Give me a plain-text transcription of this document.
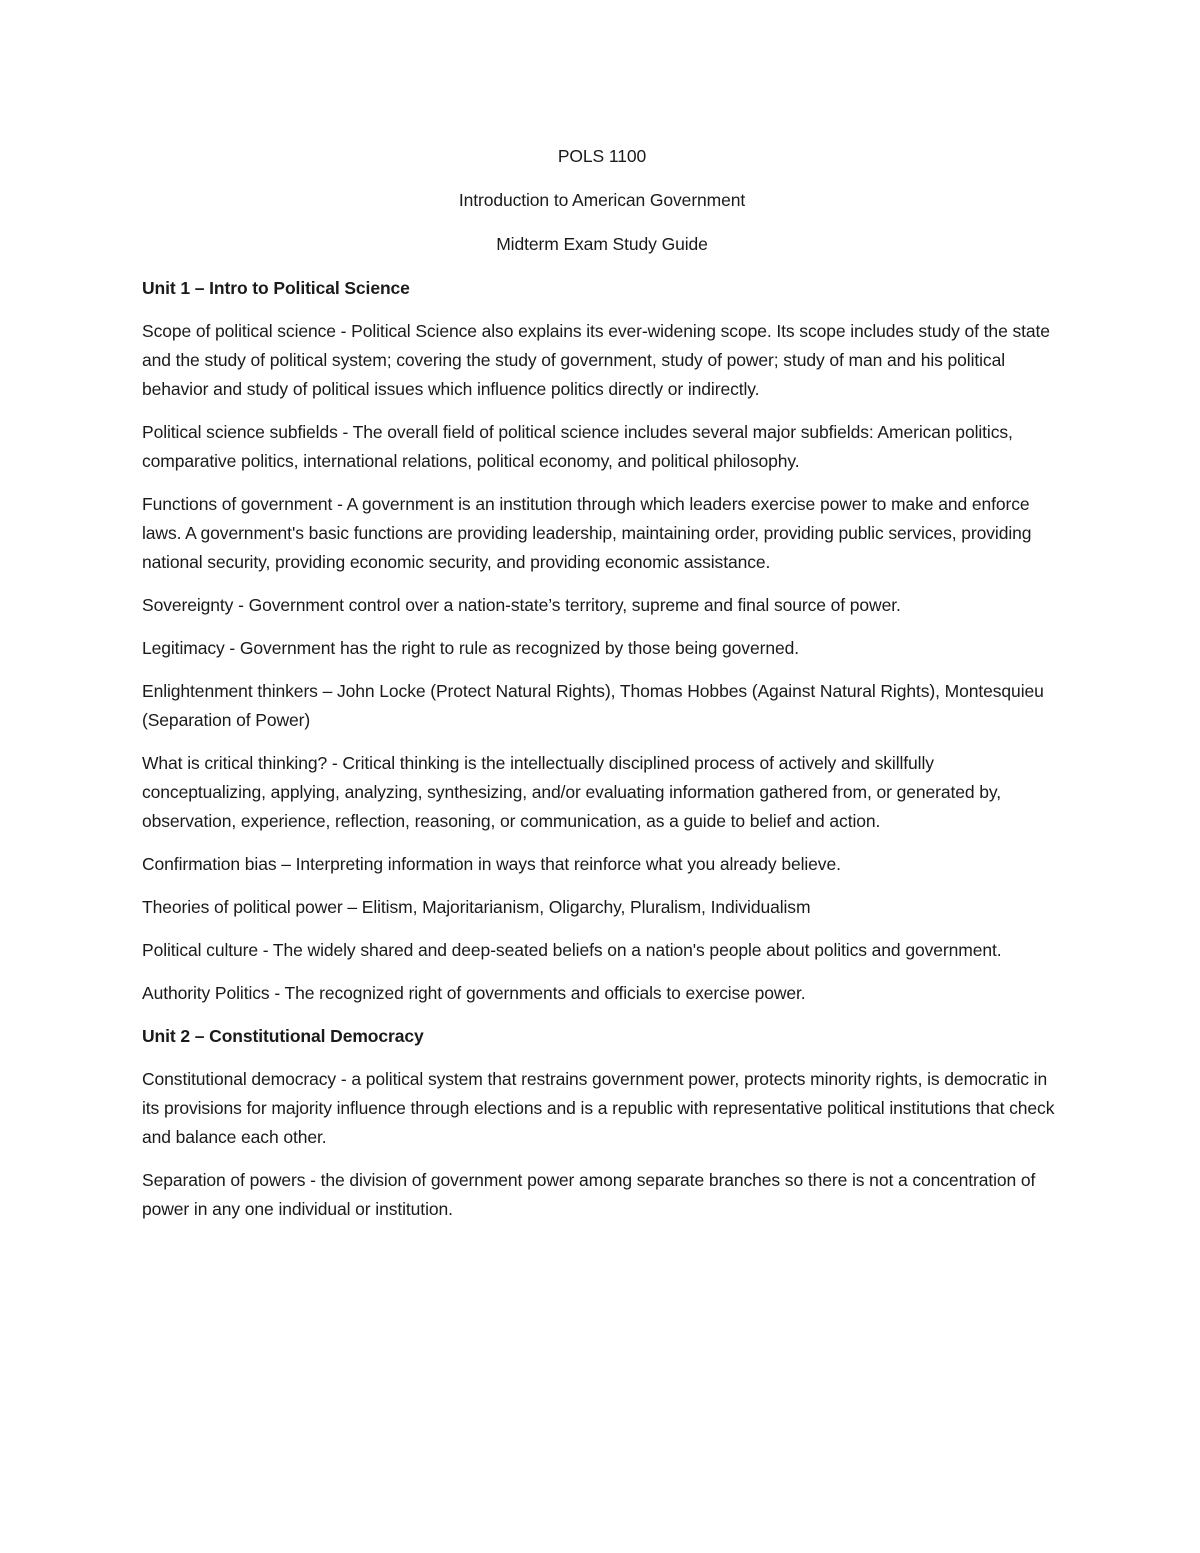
POLS 1100

Introduction to American Government

Midterm Exam Study Guide

Unit 1 – Intro to Political Science

Scope of political science - Political Science also explains its ever-widening scope. Its scope includes study of the state and the study of political system; covering the study of government, study of power; study of man and his political behavior and study of political issues which influence politics directly or indirectly.

Political science subfields - The overall field of political science includes several major subfields: American politics, comparative politics, international relations, political economy, and political philosophy.

Functions of government - A government is an institution through which leaders exercise power to make and enforce laws. A government's basic functions are providing leadership, maintaining order, providing public services, providing national security, providing economic security, and providing economic assistance.

Sovereignty - Government control over a nation-state’s territory, supreme and final source of power.

Legitimacy - Government has the right to rule as recognized by those being governed.

Enlightenment thinkers – John Locke (Protect Natural Rights), Thomas Hobbes (Against Natural Rights), Montesquieu (Separation of Power)

What is critical thinking? - Critical thinking is the intellectually disciplined process of actively and skillfully conceptualizing, applying, analyzing, synthesizing, and/or evaluating information gathered from, or generated by, observation, experience, reflection, reasoning, or communication, as a guide to belief and action.

Confirmation bias – Interpreting information in ways that reinforce what you already believe.

Theories of political power – Elitism, Majoritarianism, Oligarchy, Pluralism, Individualism

Political culture - The widely shared and deep-seated beliefs on a nation's people about politics and government.

Authority Politics - The recognized right of governments and officials to exercise power.

Unit 2 – Constitutional Democracy

Constitutional democracy - a political system that restrains government power, protects minority rights, is democratic in its provisions for majority influence through elections and is a republic with representative political institutions that check and balance each other.

Separation of powers - the division of government power among separate branches so there is not a concentration of power in any one individual or institution.
